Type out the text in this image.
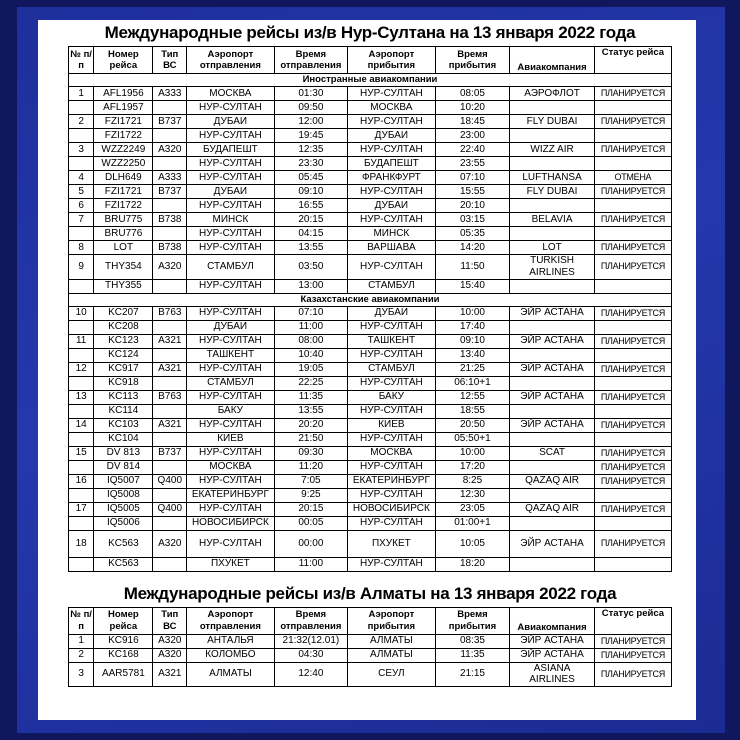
Международные рейсы из/в Нур-Султана на 13 января 2022 года
№ п/п	Номер рейса	Тип ВС	Аэропорт отправления	Время отправления	Аэропорт прибытия	Время прибытия	Авиакомпания	Статус рейса
Иностранные авиакомпании								
1	AFL1956	A333	МОСКВА	01:30	НУР-СУЛТАН	08:05	АЭРОФЛОТ	ПЛАНИРУЕТСЯ
	AFL1957		НУР-СУЛТАН	09:50	МОСКВА	10:20		
2	FZI1721	B737	ДУБАИ	12:00	НУР-СУЛТАН	18:45	FLY DUBAI	ПЛАНИРУЕТСЯ
	FZI1722		НУР-СУЛТАН	19:45	ДУБАИ	23:00		
3	WZZ2249	A320	БУДАПЕШТ	12:35	НУР-СУЛТАН	22:40	WIZZ AIR	ПЛАНИРУЕТСЯ
	WZZ2250		НУР-СУЛТАН	23:30	БУДАПЕШТ	23:55		
4	DLH649	A333	НУР-СУЛТАН	05:45	ФРАНКФУРТ	07:10	LUFTHANSA	ОТМЕНА
5	FZI1721	B737	ДУБАИ	09:10	НУР-СУЛТАН	15:55	FLY DUBAI	ПЛАНИРУЕТСЯ
6	FZI1722		НУР-СУЛТАН	16:55	ДУБАИ	20:10		
7	BRU775	B738	МИНСК	20:15	НУР-СУЛТАН	03:15	BELAVIA	ПЛАНИРУЕТСЯ
	BRU776		НУР-СУЛТАН	04:15	МИНСК	05:35		
8	LOT	B738	НУР-СУЛТАН	13:55	ВАРШАВА	14:20	LOT	ПЛАНИРУЕТСЯ
9	THY354	A320	СТАМБУЛ	03:50	НУР-СУЛТАН	11:50	TURKISH AIRLINES	ПЛАНИРУЕТСЯ
	THY355		НУР-СУЛТАН	13:00	СТАМБУЛ	15:40		
Казахстанские авиакомпании								
10	KC207	B763	НУР-СУЛТАН	07:10	ДУБАИ	10:00	ЭЙР АСТАНА	ПЛАНИРУЕТСЯ
	KC208		ДУБАИ	11:00	НУР-СУЛТАН	17:40		
11	KC123	A321	НУР-СУЛТАН	08:00	ТАШКЕНТ	09:10	ЭЙР АСТАНА	ПЛАНИРУЕТСЯ
	KC124		ТАШКЕНТ	10:40	НУР-СУЛТАН	13:40		
12	KC917	A321	НУР-СУЛТАН	19:05	СТАМБУЛ	21:25	ЭЙР АСТАНА	ПЛАНИРУЕТСЯ
	KC918		СТАМБУЛ	22:25	НУР-СУЛТАН	06:10+1		
13	KC113	B763	НУР-СУЛТАН	11:35	БАКУ	12:55	ЭЙР АСТАНА	ПЛАНИРУЕТСЯ
	KC114		БАКУ	13:55	НУР-СУЛТАН	18:55		
14	KC103	A321	НУР-СУЛТАН	20:20	КИЕВ	20:50	ЭЙР АСТАНА	ПЛАНИРУЕТСЯ
	KC104		КИЕВ	21:50	НУР-СУЛТАН	05:50+1		
15	DV 813	B737	НУР-СУЛТАН	09:30	МОСКВА	10:00	SCAT	ПЛАНИРУЕТСЯ
	DV 814		МОСКВА	11:20	НУР-СУЛТАН	17:20		ПЛАНИРУЕТСЯ
16	IQ5007	Q400	НУР-СУЛТАН	7:05	ЕКАТЕРИНБУРГ	8:25	QAZAQ AIR	ПЛАНИРУЕТСЯ
	IQ5008		ЕКАТЕРИНБУРГ	9:25	НУР-СУЛТАН	12:30		
17	IQ5005	Q400	НУР-СУЛТАН	20:15	НОВОСИБИРСК	23:05	QAZAQ AIR	ПЛАНИРУЕТСЯ
	IQ5006		НОВОСИБИРСК	00:05	НУР-СУЛТАН	01:00+1		
18	KC563	A320	НУР-СУЛТАН	00:00	ПХУКЕТ	10:05	ЭЙР АСТАНА	ПЛАНИРУЕТСЯ
	KC563		ПХУКЕТ	11:00	НУР-СУЛТАН	18:20		
Международные рейсы из/в Алматы на 13 января 2022 года
№ п/п	Номер рейса	Тип ВС	Аэропорт отправления	Время отправления	Аэропорт прибытия	Время прибытия	Авиакомпания	Статус рейса
1	KC916	A320	АНТАЛЬЯ	21:32(12.01)	АЛМАТЫ	08:35	ЭЙР АСТАНА	ПЛАНИРУЕТСЯ
2	KC168	A320	КОЛОМБО	04:30	АЛМАТЫ	11:35	ЭЙР АСТАНА	ПЛАНИРУЕТСЯ
3	AAR5781	A321	АЛМАТЫ	12:40	СЕУЛ	21:15	ASIANA AIRLINES	ПЛАНИРУЕТСЯ
